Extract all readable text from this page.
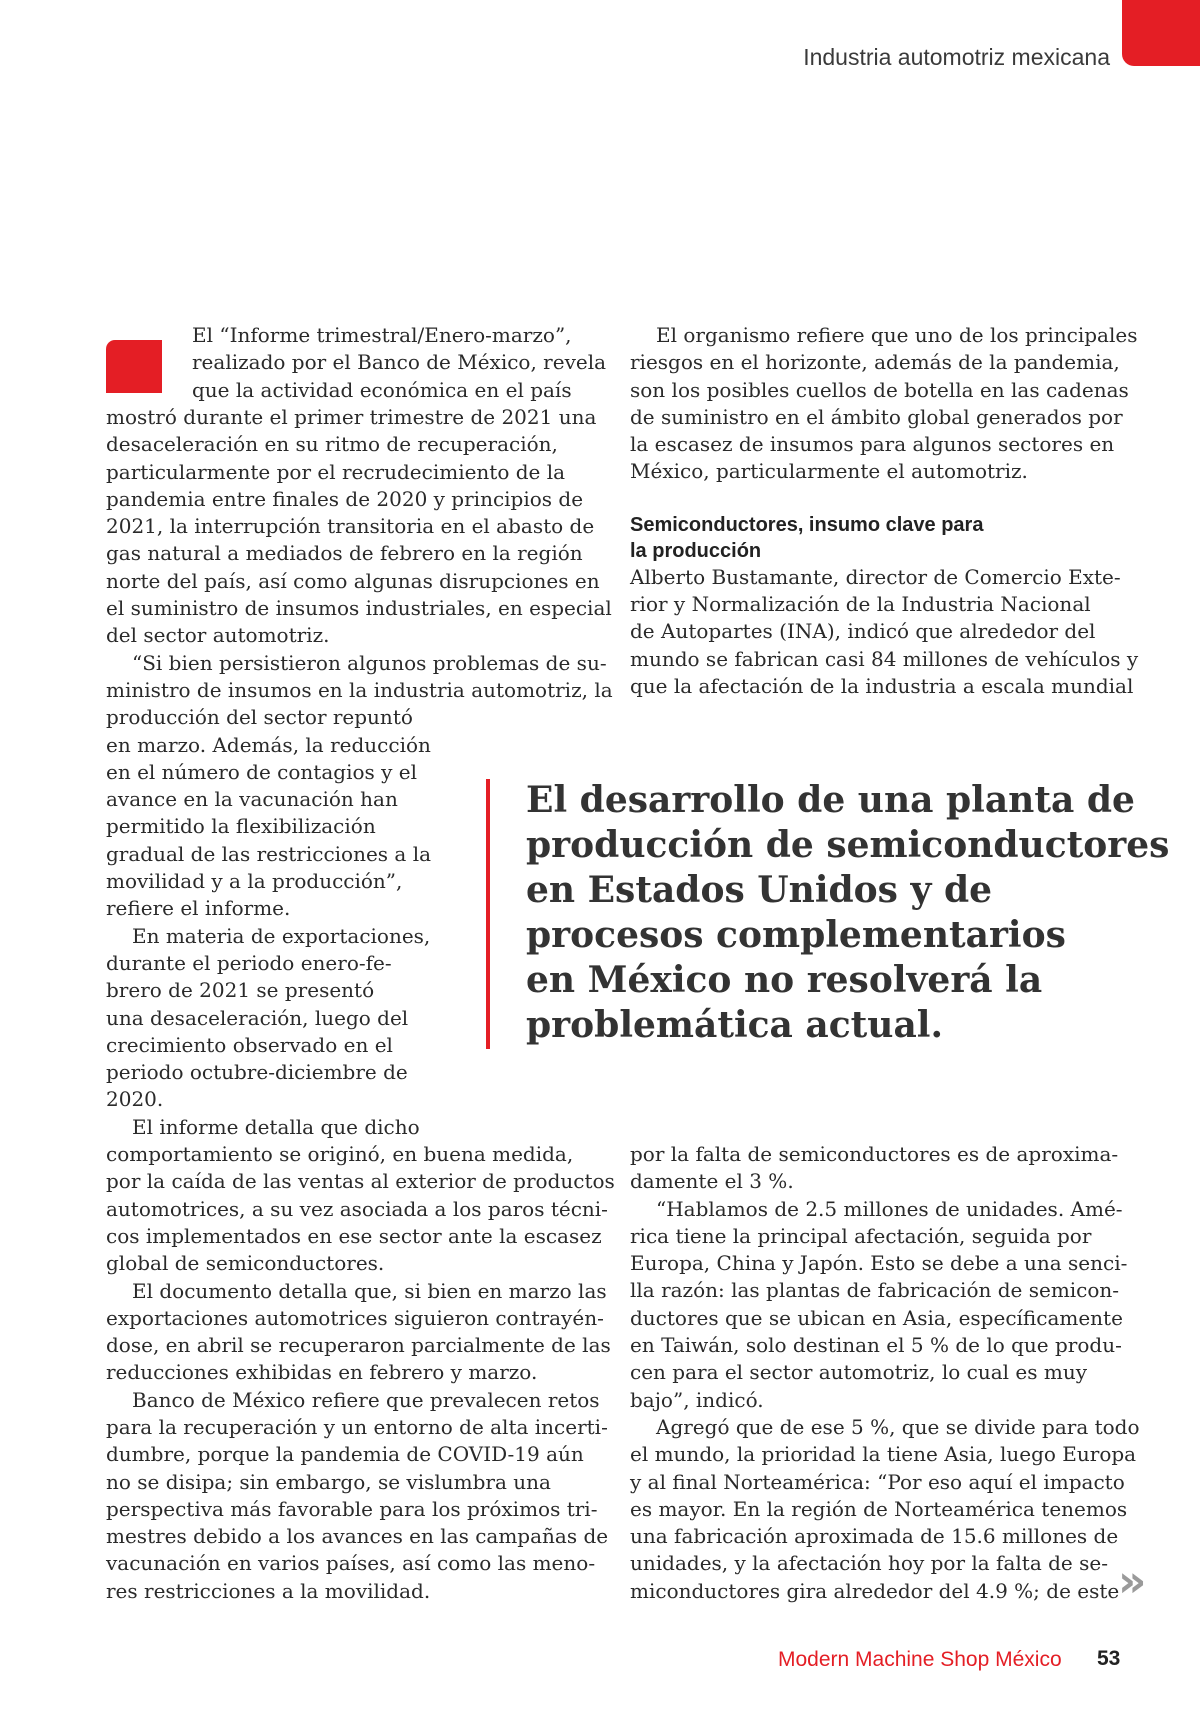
Industria automotriz mexicana
El “Informe trimestral/Enero-marzo”,
realizado por el Banco de México, revela
que la actividad económica en el país

mostró durante el primer trimestre de 2021 una
desaceleración en su ritmo de recuperación,
particularmente por el recrudecimiento de la
pandemia entre finales de 2020 y principios de
2021, la interrupción transitoria en el abasto de
gas natural a mediados de febrero en la región
norte del país, así como algunas disrupciones en
el suministro de insumos industriales, en especial
del sector automotriz.

“Si bien persistieron algunos problemas de su-
ministro de insumos en la industria automotriz, la
producción del sector repuntó
en marzo. Además, la reducción
en el número de contagios y el
avance en la vacunación han
permitido la flexibilización
gradual de las restricciones a la
movilidad y a la producción”,
refiere el informe.

En materia de exportaciones,
durante el periodo enero-fe-
brero de 2021 se presentó
una desaceleración, luego del
crecimiento observado en el
periodo octubre-diciembre de
2020.

El informe detalla que dicho
comportamiento se originó, en buena medida,
por la caída de las ventas al exterior de productos
automotrices, a su vez asociada a los paros técni-
cos implementados en ese sector ante la escasez
global de semiconductores.

El documento detalla que, si bien en marzo las
exportaciones automotrices siguieron contrayén-
dose, en abril se recuperaron parcialmente de las
reducciones exhibidas en febrero y marzo.

Banco de México refiere que prevalecen retos
para la recuperación y un entorno de alta incerti-
dumbre, porque la pandemia de COVID-19 aún
no se disipa; sin embargo, se vislumbra una
perspectiva más favorable para los próximos tri-
mestres debido a los avances en las campañas de
vacunación en varios países, así como las meno-
res restricciones a la movilidad.

El organismo refiere que uno de los principales
riesgos en el horizonte, además de la pandemia,
son los posibles cuellos de botella en las cadenas
de suministro en el ámbito global generados por
la escasez de insumos para algunos sectores en
México, particularmente el automotriz.

Semiconductores, insumo clave para
la producción

Alberto Bustamante, director de Comercio Exte-
rior y Normalización de la Industria Nacional
de Autopartes (INA), indicó que alrededor del
mundo se fabrican casi 84 millones de vehículos y
que la afectación de la industria a escala mundial

El desarrollo de una planta de
producción de semiconductores
en Estados Unidos y de
procesos complementarios
en México no resolverá la
problemática actual.

por la falta de semiconductores es de aproxima-
damente el 3 %.

“Hablamos de 2.5 millones de unidades. Amé-
rica tiene la principal afectación, seguida por
Europa, China y Japón. Esto se debe a una senci-
lla razón: las plantas de fabricación de semicon-
ductores que se ubican en Asia, específicamente
en Taiwán, solo destinan el 5 % de lo que produ-
cen para el sector automotriz, lo cual es muy
bajo”, indicó.

Agregó que de ese 5 %, que se divide para todo
el mundo, la prioridad la tiene Asia, luego Europa
y al final Norteamérica: “Por eso aquí el impacto
es mayor. En la región de Norteamérica tenemos
una fabricación aproximada de 15.6 millones de
unidades, y la afectación hoy por la falta de se-
miconductores gira alrededor del 4.9 %; de este

»
Modern Machine Shop México 53
